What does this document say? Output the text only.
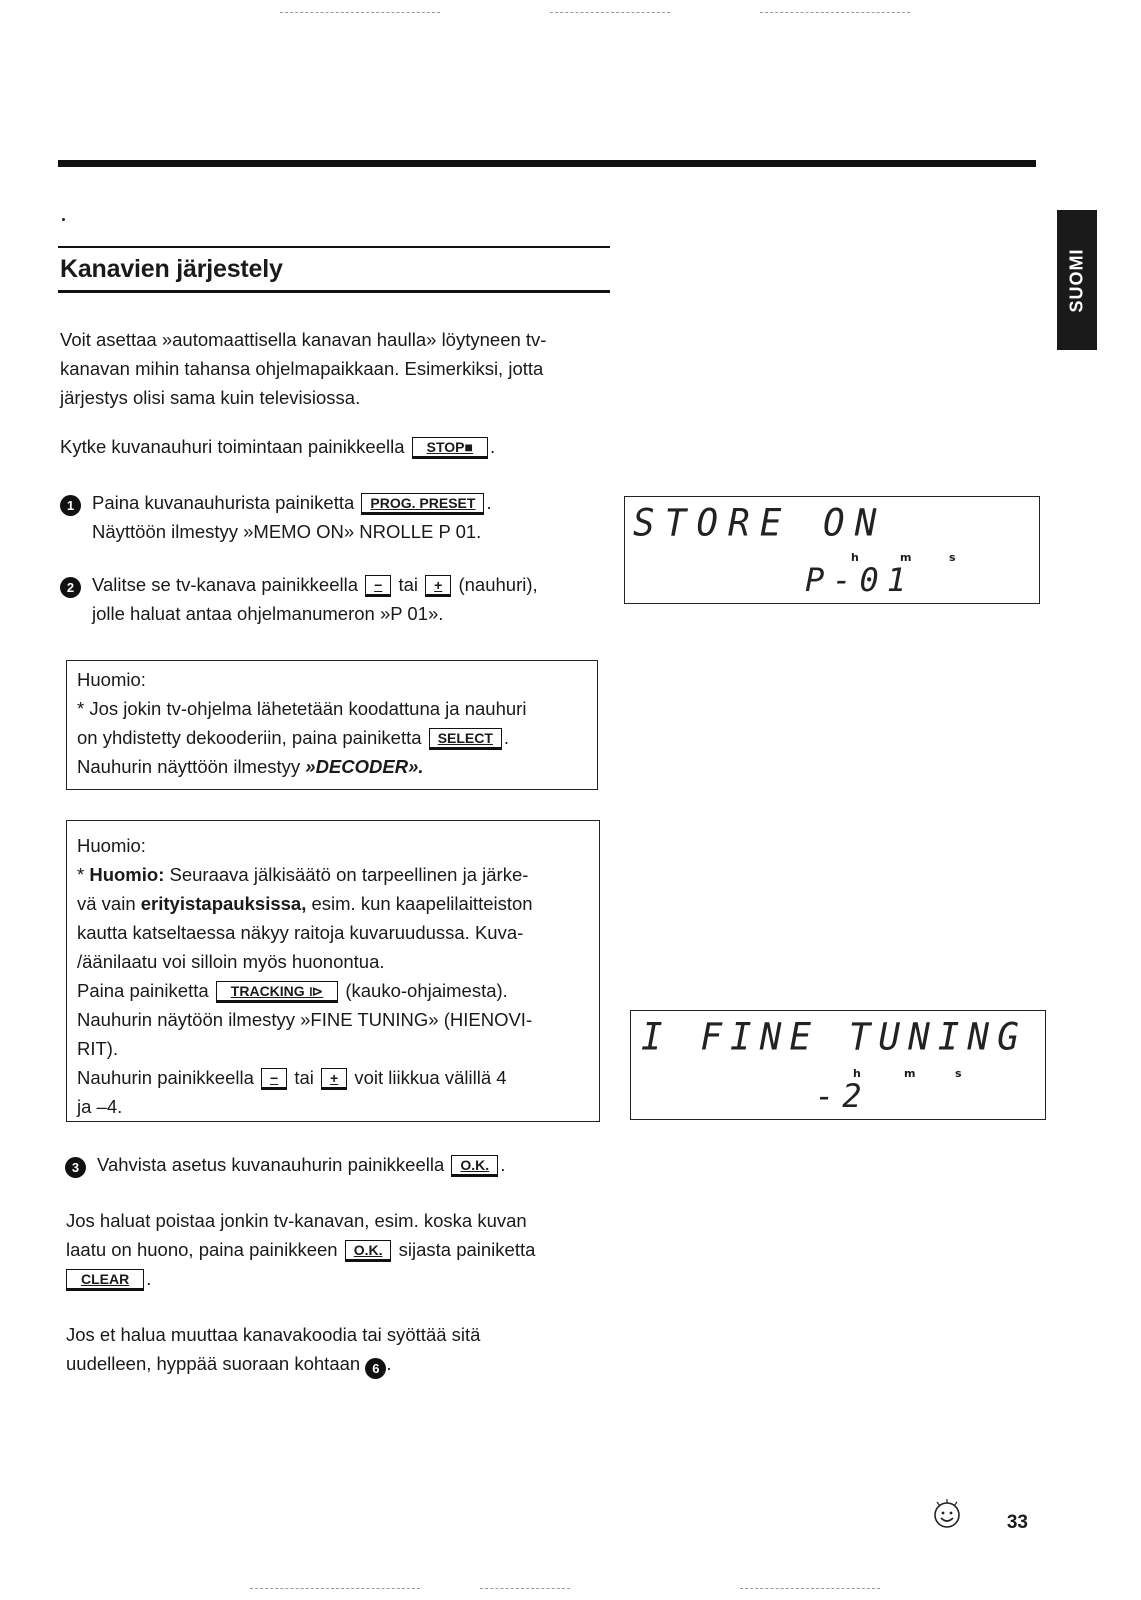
SUOMI
Kanavien järjestely
Voit asettaa »automaattisella kanavan haulla» löytyneen tv-
kanavan mihin tahansa ohjelmapaikkaan. Esimerkiksi, jotta
järjestys olisi sama kuin televisiossa.
Kytke kuvanauhuri toimintaan painikkeella STOP■ .
1 Paina kuvanauhurista painiketta PROG. PRESET .
Näyttöön ilmestyy »MEMO ON» NROLLE P 01.
2 Valitse se tv-kanava painikkeella − tai + (nauhuri),
jolle haluat antaa ohjelmanumeron »P 01».
Huomio:
* Jos jokin tv-ohjelma lähetetään koodattuna ja nauhuri
on yhdistetty dekooderiin, paina painiketta SELECT .
Nauhurin näyttöön ilmestyy »DECODER».
Huomio:
* Huomio: Seuraava jälkisäätö on tarpeellinen ja järke-
vä vain erityistapauksissa, esim. kun kaapelilaitteiston
kautta katseltaessa näkyy raitoja kuvaruudussa. Kuva-
/äänilaatu voi silloin myös huonontua.
Paina painiketta TRACKING ⧐ (kauko-ohjaimesta).
Nauhurin näytöön ilmestyy »FINE TUNING» (HIENOVI-
RIT).
Nauhurin painikkeella − tai + voit liikkua välillä 4
ja –4.
3 Vahvista asetus kuvanauhurin painikkeella O.K. .
Jos haluat poistaa jonkin tv-kanavan, esim. koska kuvan
laatu on huono, paina painikkeen O.K. sijasta painiketta
CLEAR .
Jos et halua muuttaa kanavakoodia tai syöttää sitä
uudelleen, hyppää suoraan kohtaan 6 .
STORE ON
h	m	s
P-01
I FINE TUNING
h	m	s
-2
33
